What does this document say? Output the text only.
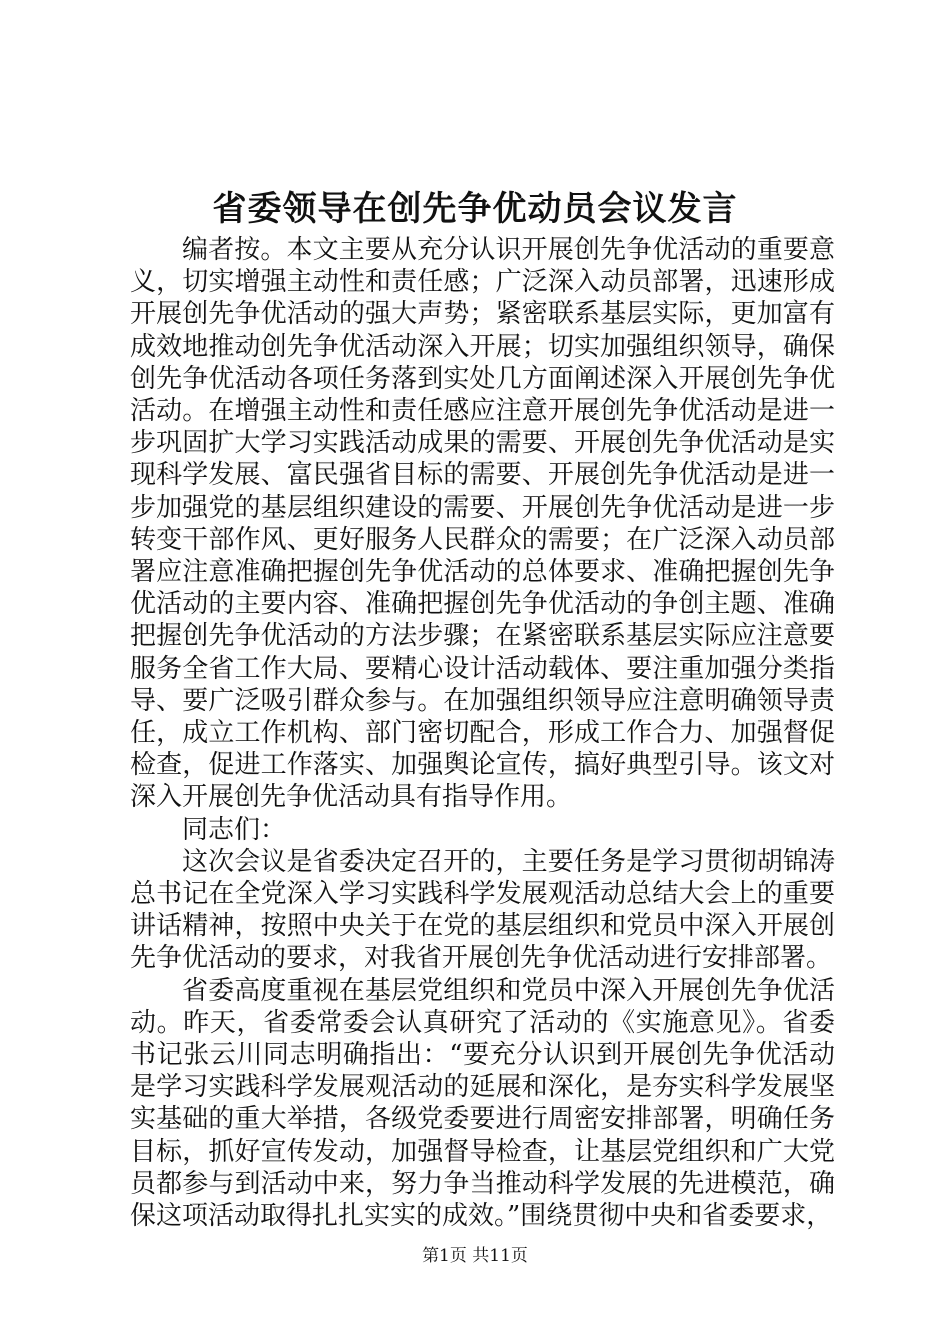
省委领导在创先争优动员会议发言

编者按。本文主要从充分认识开展创先争优活动的重要意义，切实增强主动性和责任感；广泛深入动员部署，迅速形成开展创先争优活动的强大声势；紧密联系基层实际，更加富有成效地推动创先争优活动深入开展；切实加强组织领导，确保创先争优活动各项任务落到实处几方面阐述深入开展创先争优活动。在增强主动性和责任感应注意开展创先争优活动是进一步巩固扩大学习实践活动成果的需要、开展创先争优活动是实现科学发展、富民强省目标的需要、开展创先争优活动是进一步加强党的基层组织建设的需要、开展创先争优活动是进一步转变干部作风、更好服务人民群众的需要；在广泛深入动员部署应注意准确把握创先争优活动的总体要求、准确把握创先争优活动的主要内容、准确把握创先争优活动的争创主题、准确把握创先争优活动的方法步骤；在紧密联系基层实际应注意要服务全省工作大局、要精心设计活动载体、要注重加强分类指导、要广泛吸引群众参与。在加强组织领导应注意明确领导责任，成立工作机构、部门密切配合，形成工作合力、加强督促检查，促进工作落实、加强舆论宣传，搞好典型引导。该文对深入开展创先争优活动具有指导作用。

同志们：

这次会议是省委决定召开的，主要任务是学习贯彻胡锦涛总书记在全党深入学习实践科学发展观活动总结大会上的重要讲话精神，按照中央关于在党的基层组织和党员中深入开展创先争优活动的要求，对我省开展创先争优活动进行安排部署。

省委高度重视在基层党组织和党员中深入开展创先争优活动。昨天，省委常委会认真研究了活动的《实施意见》。省委书记张云川同志明确指出：“要充分认识到开展创先争优活动是学习实践科学发展观活动的延展和深化，是夯实科学发展坚实基础的重大举措，各级党委要进行周密安排部署，明确任务目标，抓好宣传发动，加强督导检查，让基层党组织和广大党员都参与到活动中来，努力争当推动科学发展的先进模范，确保这项活动取得扎扎实实的成效。”围绕贯彻中央和省委要求，

第1页 共11页
